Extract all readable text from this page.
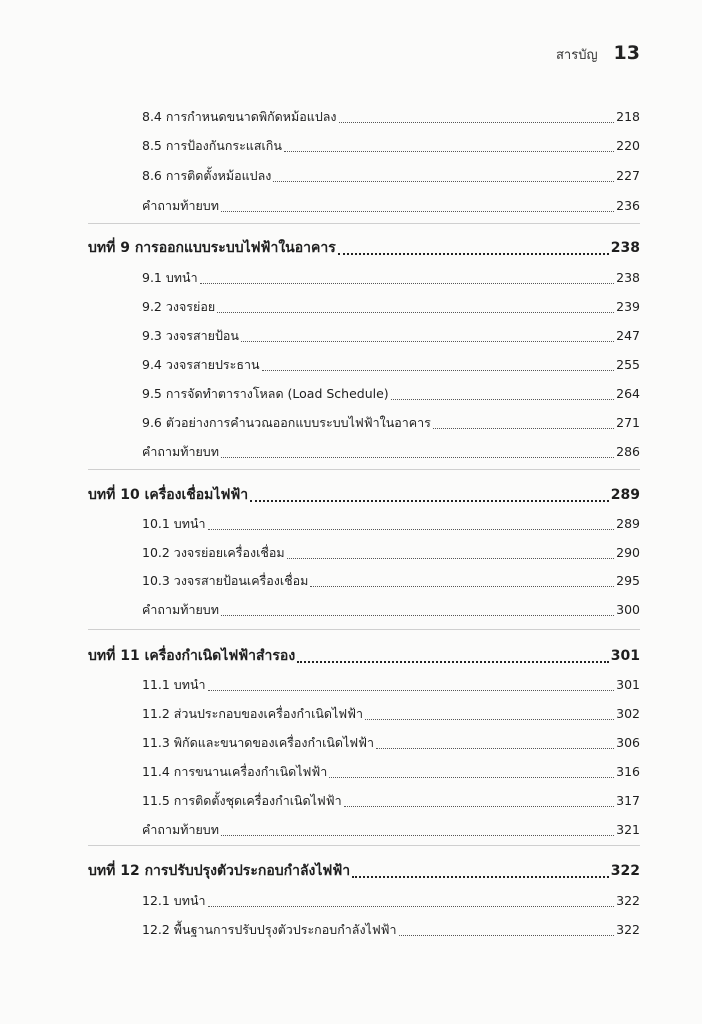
สารบัญ 13
8.4 การกำหนดขนาดพิกัดหม้อแปลง	218
8.5 การป้องกันกระแสเกิน	220
8.6 การติดตั้งหม้อแปลง	227
คำถามท้ายบท	236
บทที่ 9 การออกแบบระบบไฟฟ้าในอาคาร	238
9.1 บทนำ	238
9.2 วงจรย่อย	239
9.3 วงจรสายป้อน	247
9.4 วงจรสายประธาน	255
9.5 การจัดทำตารางโหลด (Load Schedule)	264
9.6 ตัวอย่างการคำนวณออกแบบระบบไฟฟ้าในอาคาร	271
คำถามท้ายบท	286
บทที่ 10 เครื่องเชื่อมไฟฟ้า	289
10.1 บทนำ	289
10.2 วงจรย่อยเครื่องเชื่อม	290
10.3 วงจรสายป้อนเครื่องเชื่อม	295
คำถามท้ายบท	300
บทที่ 11 เครื่องกำเนิดไฟฟ้าสำรอง	301
11.1 บทนำ	301
11.2 ส่วนประกอบของเครื่องกำเนิดไฟฟ้า	302
11.3 พิกัดและขนาดของเครื่องกำเนิดไฟฟ้า	306
11.4 การขนานเครื่องกำเนิดไฟฟ้า	316
11.5 การติดตั้งชุดเครื่องกำเนิดไฟฟ้า	317
คำถามท้ายบท	321
บทที่ 12 การปรับปรุงตัวประกอบกำลังไฟฟ้า	322
12.1 บทนำ	322
12.2 พื้นฐานการปรับปรุงตัวประกอบกำลังไฟฟ้า	322
